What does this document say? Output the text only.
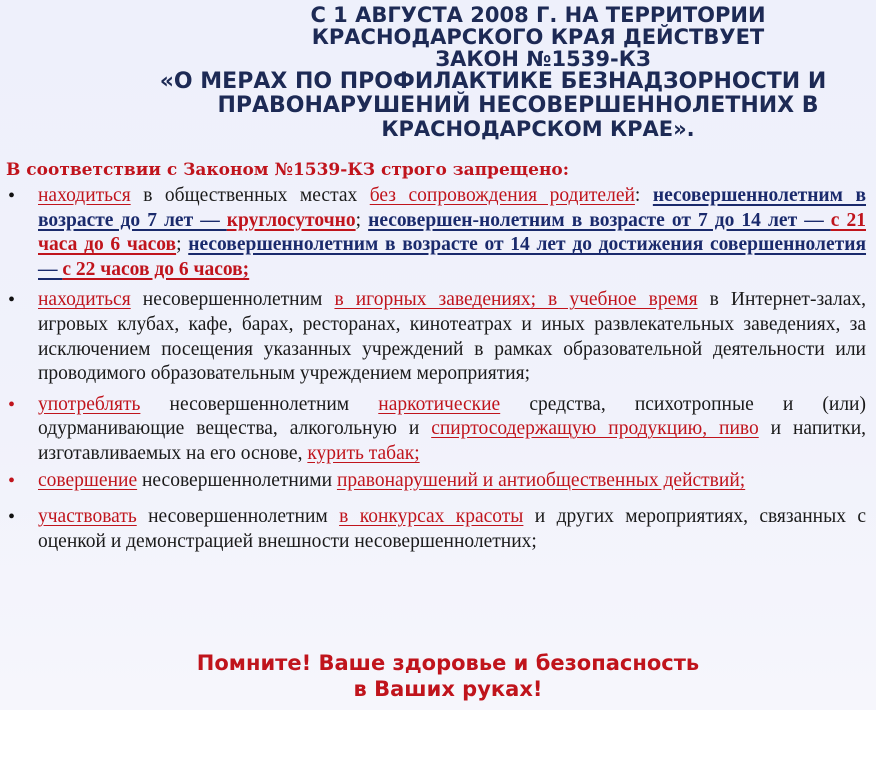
С 1 АВГУСТА 2008 Г. НА ТЕРРИТОРИИ
КРАСНОДАРСКОГО КРАЯ ДЕЙСТВУЕТ
ЗАКОН №1539-КЗ
«О МЕРАХ ПО ПРОФИЛАКТИКЕ БЕЗНАДЗОРНОСТИ И
ПРАВОНАРУШЕНИЙ НЕСОВЕРШЕННОЛЕТНИХ В
КРАСНОДАРСКОМ КРАЕ».
В соответствии с Законом №1539-КЗ строго запрещено:
• находиться в общественных местах без сопровождения родителей: несовершеннолетним в возрасте до 7 лет — круглосуточно; несовершен-нолетним в возрасте от 7 до 14 лет — с 21 часа до 6 часов; несовершеннолетним в возрасте от 14 лет до достижения совершеннолетия — с 22 часов до 6 часов;
• находиться несовершеннолетним в игорных заведениях; в учебное время в Интернет-залах, игровых клубах, кафе, барах, ресторанах, кинотеатрах и иных развлекательных заведениях, за исключением посещения указанных учреждений в рамках образовательной деятельности или проводимого образовательным учреждением мероприятия;
• употреблять несовершеннолетним наркотические средства, психотропные и (или) одурманивающие вещества, алкогольную и спиртосодержащую продукцию, пиво и напитки, изготавливаемых на его основе, курить табак;
• совершение несовершеннолетними правонарушений и антиобщественных действий;
• участвовать несовершеннолетним в конкурсах красоты и других мероприятиях, связанных с оценкой и демонстрацией внешности несовершеннолетних;
Помните! Ваше здоровье и безопасность
в Ваших руках!
